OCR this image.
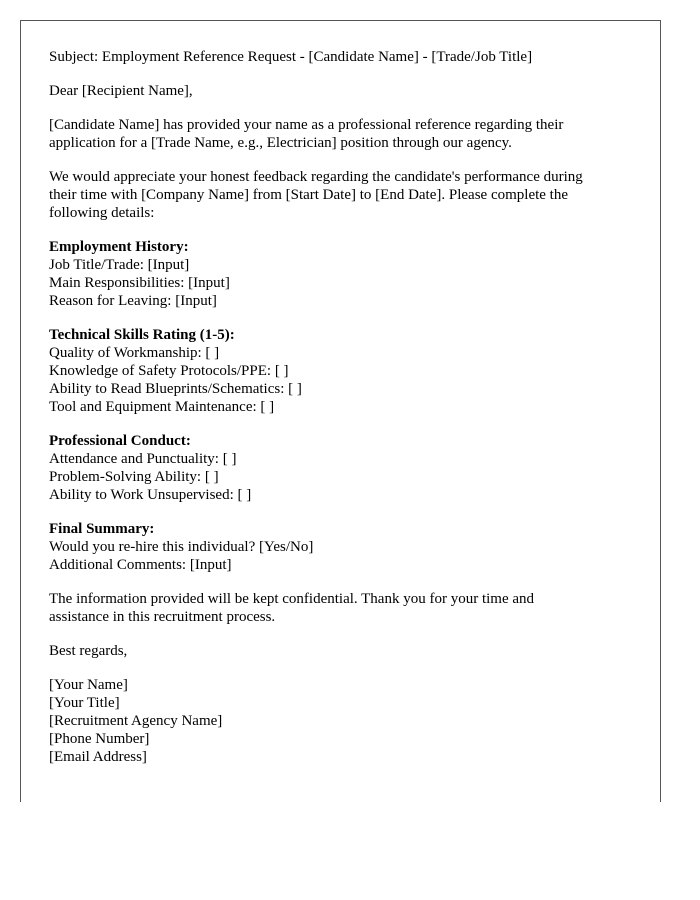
Subject: Employment Reference Request - [Candidate Name] - [Trade/Job Title]
Dear [Recipient Name],
[Candidate Name] has provided your name as a professional reference regarding their
application for a [Trade Name, e.g., Electrician] position through our agency.
We would appreciate your honest feedback regarding the candidate's performance during
their time with [Company Name] from [Start Date] to [End Date]. Please complete the
following details:
Employment History:
Job Title/Trade: [Input]
Main Responsibilities: [Input]
Reason for Leaving: [Input]
Technical Skills Rating (1-5):
Quality of Workmanship: [ ]
Knowledge of Safety Protocols/PPE: [ ]
Ability to Read Blueprints/Schematics: [ ]
Tool and Equipment Maintenance: [ ]
Professional Conduct:
Attendance and Punctuality: [ ]
Problem-Solving Ability: [ ]
Ability to Work Unsupervised: [ ]
Final Summary:
Would you re-hire this individual? [Yes/No]
Additional Comments: [Input]
The information provided will be kept confidential. Thank you for your time and
assistance in this recruitment process.
Best regards,
[Your Name]
[Your Title]
[Recruitment Agency Name]
[Phone Number]
[Email Address]
